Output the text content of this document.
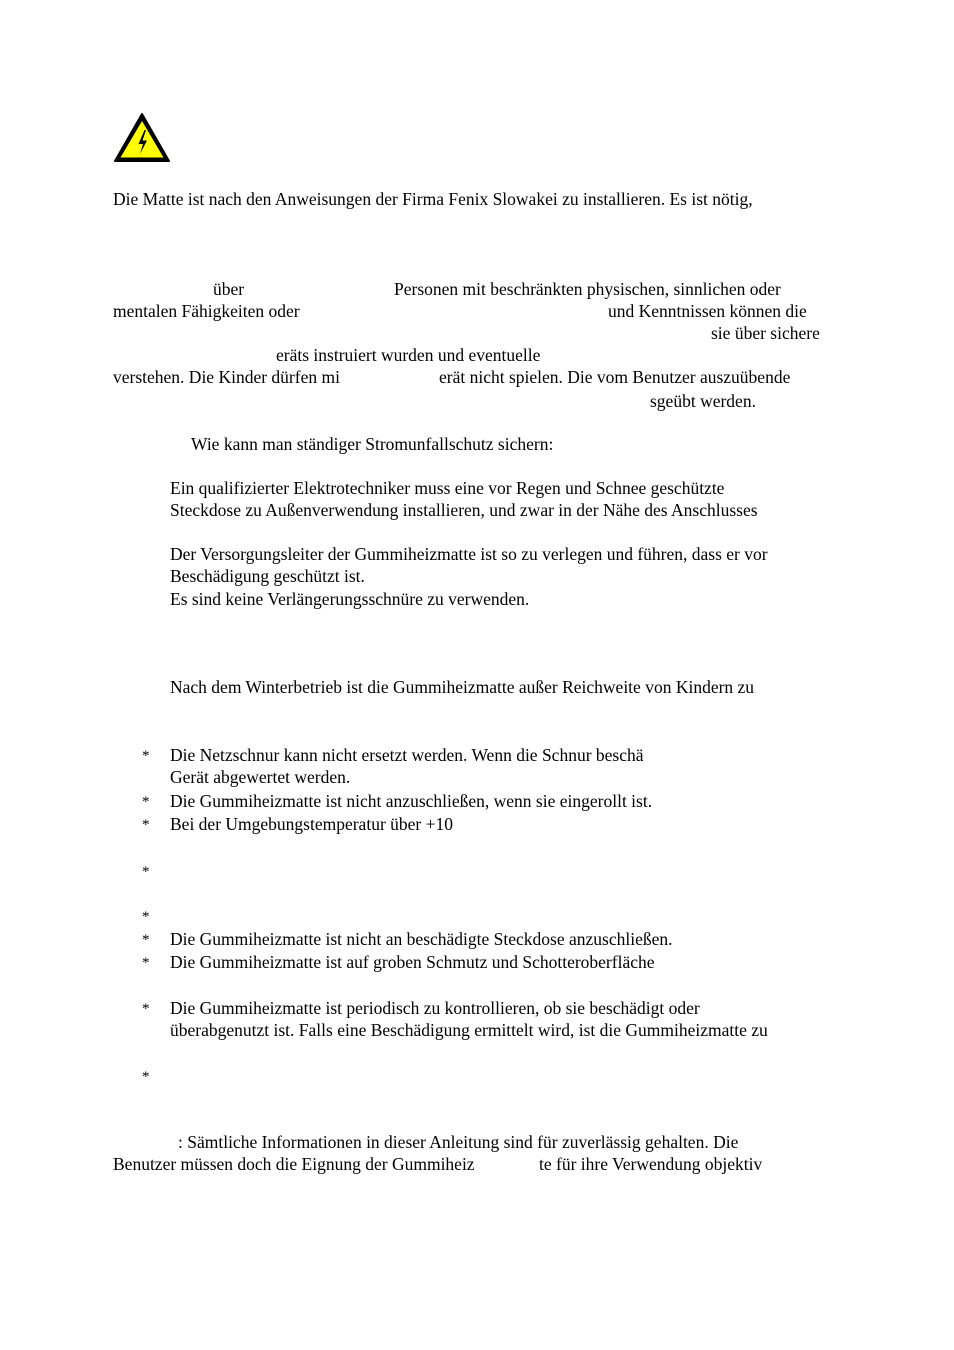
Die Matte ist nach den Anweisungen der Firma Fenix Slowakei zu installieren. Es ist nötig,
über	Personen mit beschränkten physischen, sinnlichen oder
mentalen Fähigkeiten oder	und Kenntnissen können die
sie über sichere
eräts instruiert wurden und eventuelle
verstehen. Die Kinder dürfen mi	erät nicht spielen. Die vom Benutzer auszuübende
sgeübt werden.
Wie kann man ständiger Stromunfallschutz sichern:
Ein qualifizierter Elektrotechniker muss eine vor Regen und Schnee geschützte
Steckdose zu Außenverwendung installieren, und zwar in der Nähe des Anschlusses
Der Versorgungsleiter der Gummiheizmatte ist so zu verlegen und führen, dass er vor
Beschädigung geschützt ist.
Es sind keine Verlängerungsschnüre zu verwenden.
Nach dem Winterbetrieb ist die Gummiheizmatte außer Reichweite von Kindern zu
* Die Netzschnur kann nicht ersetzt werden. Wenn die Schnur beschä
Gerät abgewertet werden.
* Die Gummiheizmatte ist nicht anzuschließen, wenn sie eingerollt ist.
* Bei der Umgebungstemperatur über +10
*
*
* Die Gummiheizmatte ist nicht an beschädigte Steckdose anzuschließen.
* Die Gummiheizmatte ist auf groben Schmutz und Schotteroberfläche
* Die Gummiheizmatte ist periodisch zu kontrollieren, ob sie beschädigt oder
überabgenutzt ist. Falls eine Beschädigung ermittelt wird, ist die Gummiheizmatte zu
*
: Sämtliche Informationen in dieser Anleitung sind für zuverlässig gehalten. Die
Benutzer müssen doch die Eignung der Gummiheiz	te für ihre Verwendung objektiv
